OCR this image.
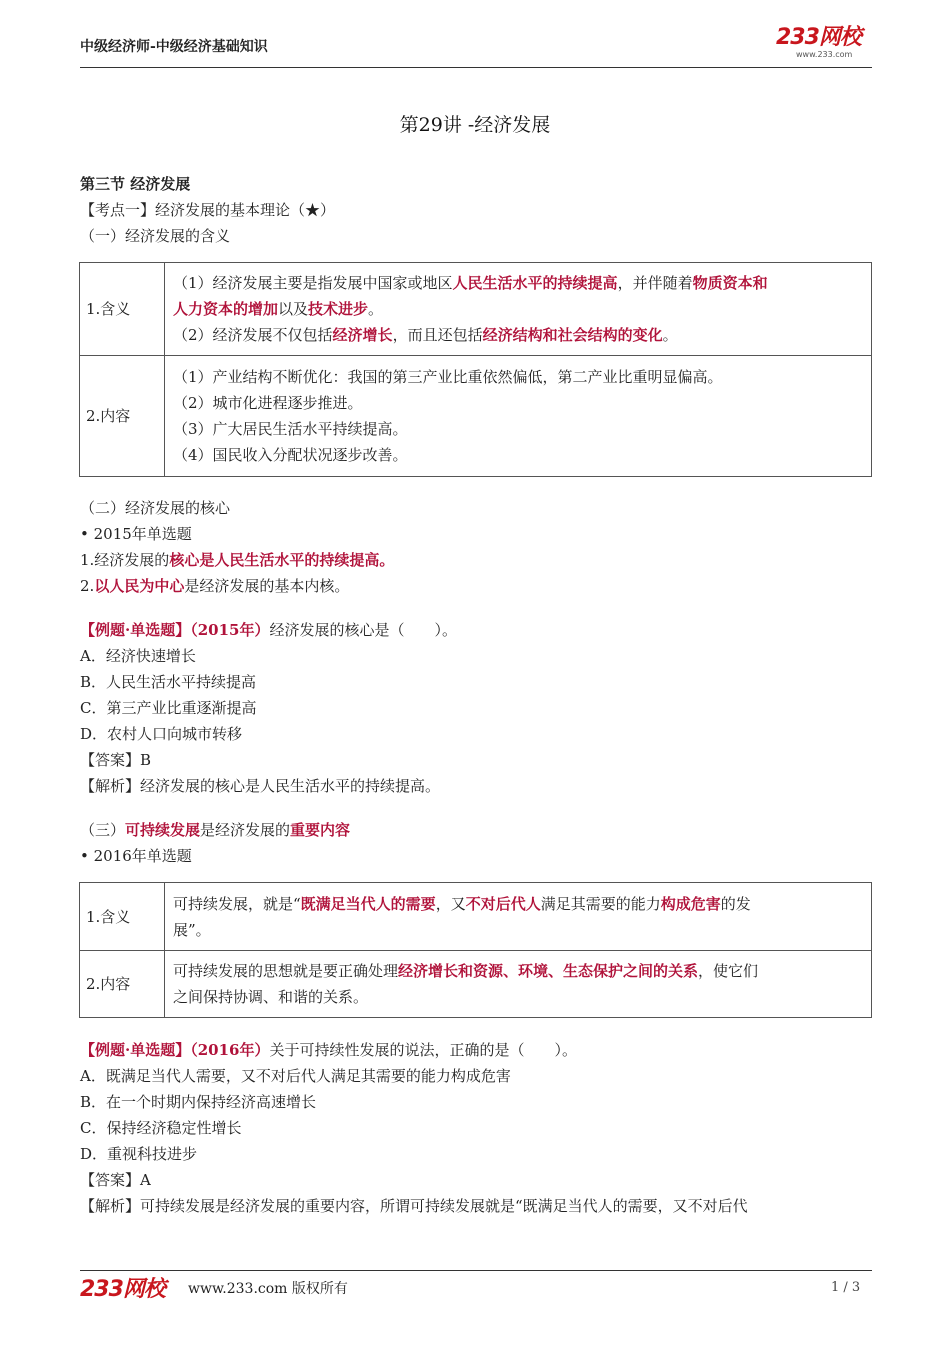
中级经济师-中级经济基础知识	233网校
www.233.com
第29讲 -经济发展
第三节 经济发展
【考点一】经济发展的基本理论（★）
（一）经济发展的含义
1.含义	（1）经济发展主要是指发展中国家或地区人民生活水平的持续提高，并伴随着物质资本和
人力资本的增加以及技术进步。
（2）经济发展不仅包括经济增长，而且还包括经济结构和社会结构的变化。

2.内容	（1）产业结构不断优化：我国的第三产业比重依然偏低，第二产业比重明显偏高。
（2）城市化进程逐步推进。
（3）广大居民生活水平持续提高。
（4）国民收入分配状况逐步改善。
（二）经济发展的核心
• 2015年单选题
1.经济发展的核心是人民生活水平的持续提高。
2.以人民为中心是经济发展的基本内核。
【例题·单选题】（2015年）经济发展的核心是（　　）。
A．经济快速增长
B．人民生活水平持续提高
C．第三产业比重逐渐提高
D．农村人口向城市转移
【答案】B
【解析】经济发展的核心是人民生活水平的持续提高。
（三）可持续发展是经济发展的重要内容
• 2016年单选题
1.含义	可持续发展，就是“既满足当代人的需要，又不对后代人满足其需要的能力构成危害的发
展”。

2.内容	可持续发展的思想就是要正确处理经济增长和资源、环境、生态保护之间的关系，使它们
之间保持协调、和谐的关系。
【例题·单选题】（2016年）关于可持续性发展的说法，正确的是（　　）。
A．既满足当代人需要，又不对后代人满足其需要的能力构成危害
B．在一个时期内保持经济高速增长
C．保持经济稳定性增长
D．重视科技进步
【答案】A
【解析】可持续发展是经济发展的重要内容，所谓可持续发展就是“既满足当代人的需要，又不对后代
233网校 www.233.com 版权所有	1 / 3
